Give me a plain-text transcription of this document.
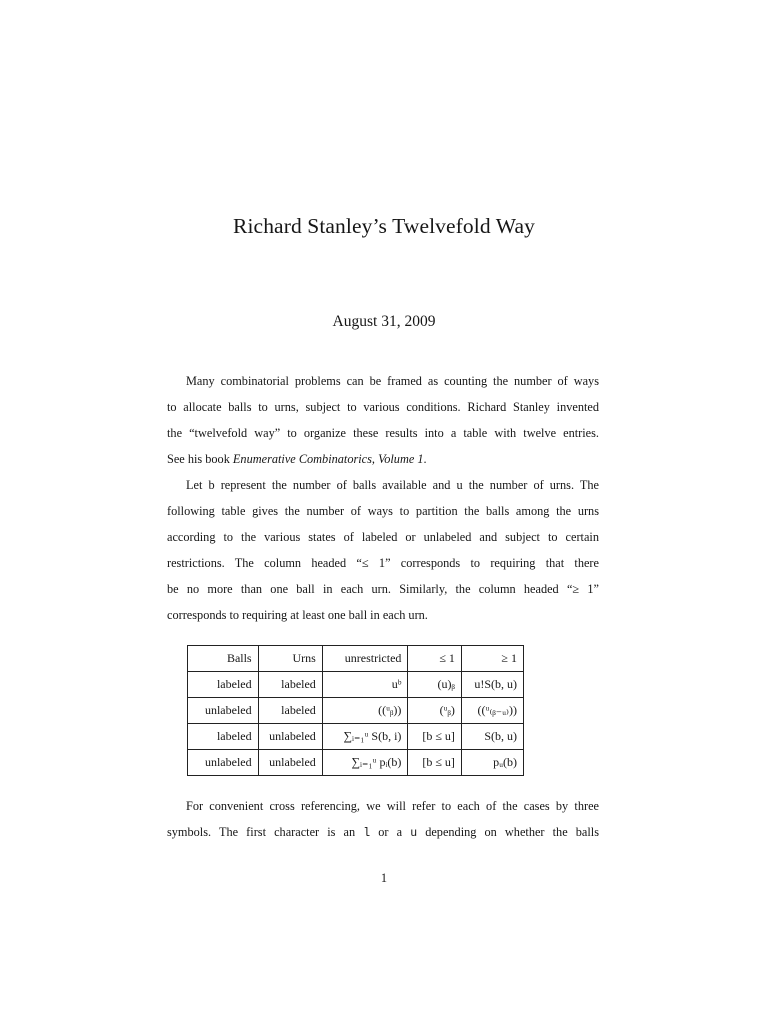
Richard Stanley’s Twelvefold Way
August 31, 2009

Many combinatorial problems can be framed as counting the number of ways
to allocate balls to urns, subject to various conditions. Richard Stanley invented
the “twelvefold way” to organize these results into a table with twelve entries.
See his book Enumerative Combinatorics, Volume 1.

Let b represent the number of balls available and u the number of urns. The
following table gives the number of ways to partition the balls among the urns
according to the various states of labeled or unlabeled and subject to certain
restrictions. The column headed “≤ 1” corresponds to requiring that there
be no more than one ball in each urn. Similarly, the column headed “≥ 1”
corresponds to requiring at least one ball in each urn.

Balls	Urns	unrestricted	≤ 1	≥ 1
labeled	labeled	uᵇ	(u)ᵦ	u!S(b, u)
unlabeled	labeled	((ᵘᵦ))	(ᵘᵦ)	((ᵘ₍ᵦ₋ᵤ₎))
labeled	unlabeled	∑ᵢ₌₁ᵘ S(b, i)	[b ≤ u]	S(b, u)
unlabeled	unlabeled	∑ᵢ₌₁ᵘ pᵢ(b)	[b ≤ u]	pᵤ(b)

For convenient cross referencing, we will refer to each of the cases by three
symbols. The first character is an l or a u depending on whether the balls

1
